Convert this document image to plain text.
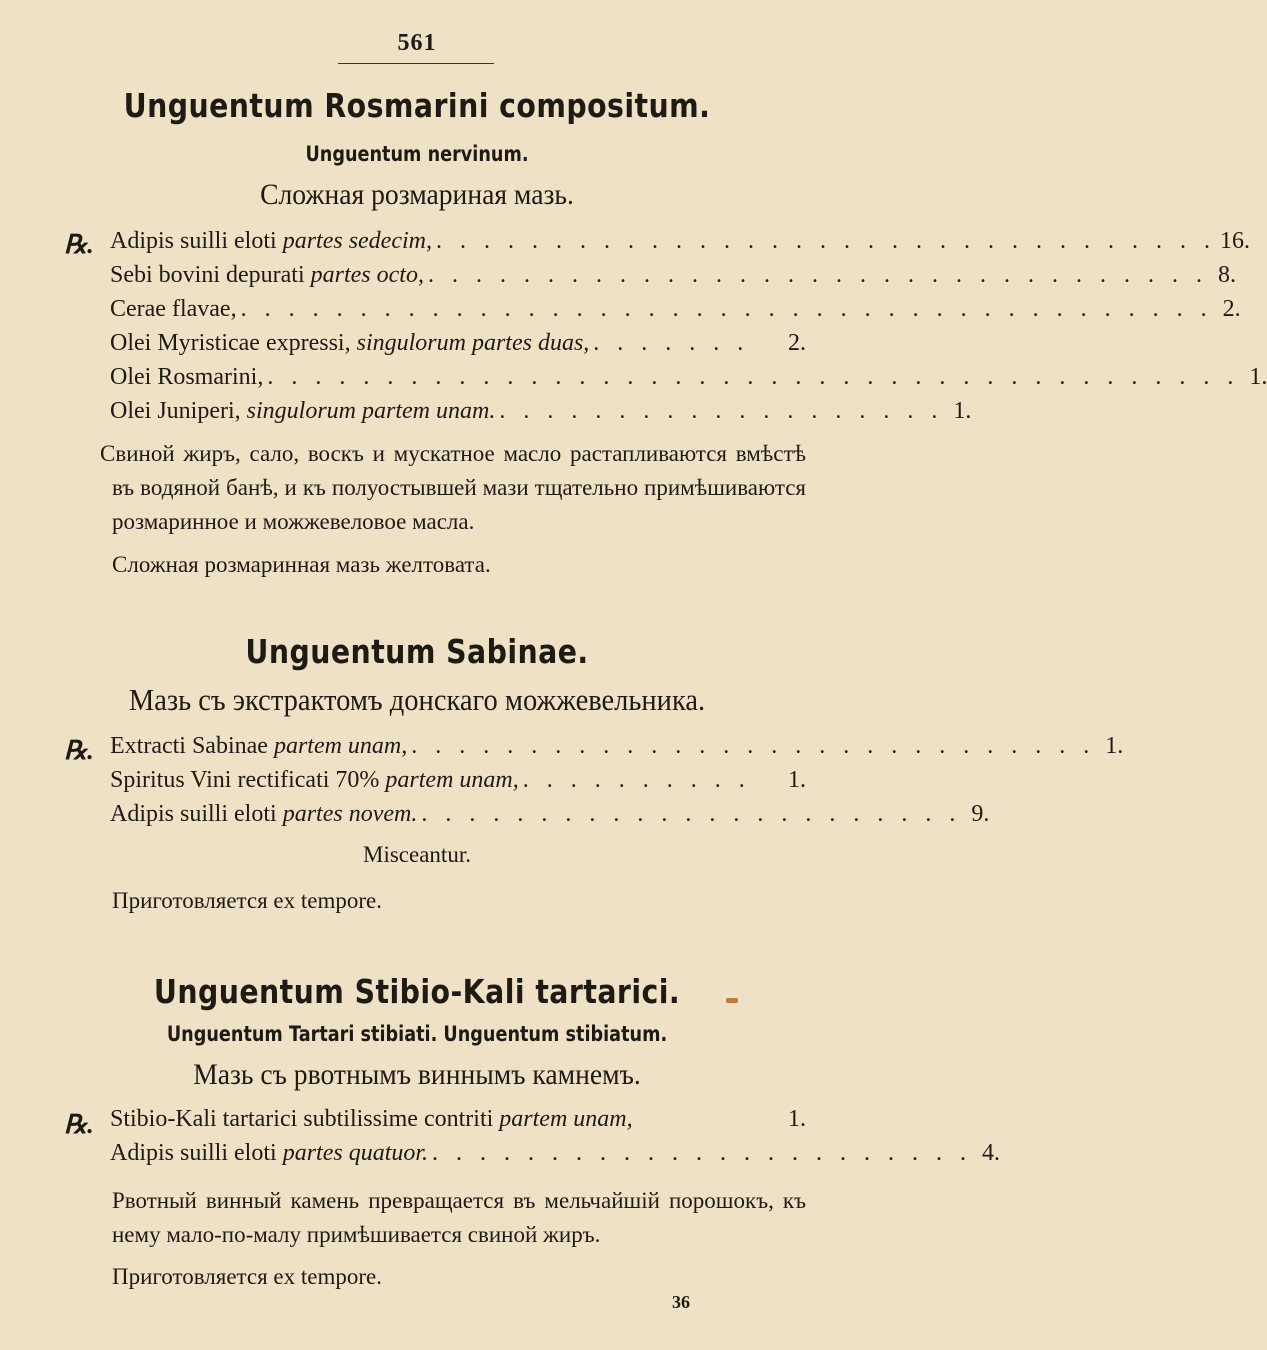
561
Unguentum Rosmarini compositum.
Unguentum nervinum.
Сложная розмариная мазь.
℞. Adipis suilli eloti partes sedecim, . . . . . . . . . . . . . . . . . . . . . . . . . . . . . . . . . 16.
Sebi bovini depurati partes octo, . . . . . . . . . . . . . . . . . . . . . . . . . . . . . . . . . 8.
Cerae flavae, . . . . . . . . . . . . . . . . . . . . . . . . . . . . . . . . . . . . . . . . . 2.
Olei Myristicae expressi, singulorum partes duas, . . . . . . .	2.
Olei Rosmarini, . . . . . . . . . . . . . . . . . . . . . . . . . . . . . . . . . . . . . . . . . 1.
Olei Juniperi, singulorum partem unam. . . . . . . . . . . . . . . . . . . . 1.
Свиной жиръ, сало, воскъ и мускатное масло растапливаются вмѣстѣ въ водяной банѣ, и къ полуостывшей мази тщательно примѣшиваются розмаринное и можжевеловое масла.
Сложная розмаринная мазь желтовата.
Unguentum Sabinae.
Мазь съ экстрактомъ донскаго можжевельника.
℞. Extracti Sabinae partem unam, . . . . . . . . . . . . . . . . . . . . . . . . . . . . . 1.
Spiritus Vini rectificati 70% partem unam, . . . . . . . . . .	1.
Adipis suilli eloti partes novem. . . . . . . . . . . . . . . . . . . . . . . . 9.
Misceantur.
Приготовляется ex tempore.
Unguentum Stibio-Kali tartarici.
Unguentum Tartari stibiati. Unguentum stibiatum.
Мазь съ рвотнымъ виннымъ камнемъ.
℞. Stibio-Kali tartarici subtilissime contriti partem unam,	1.
Adipis suilli eloti partes quatuor. . . . . . . . . . . . . . . . . . . . . . . . 4.
Рвотный винный камень превращается въ мельчайшій порошокъ, къ нему мало-по-малу примѣшивается свиной жиръ.
Приготовляется ex tempore.
36
